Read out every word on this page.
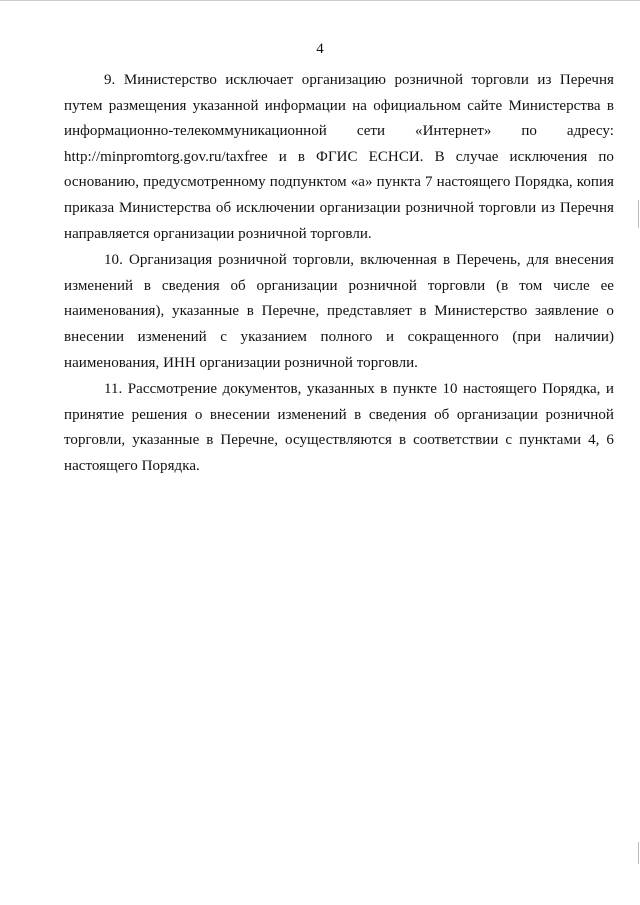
4

9. Министерство исключает организацию розничной торговли из Перечня путем размещения указанной информации на официальном сайте Министерства в информационно-телекоммуникационной сети «Интернет» по адресу: http://minpromtorg.gov.ru/taxfree и в ФГИС ЕСНСИ. В случае исключения по основанию, предусмотренному подпунктом «а» пункта 7 настоящего Порядка, копия приказа Министерства об исключении организации розничной торговли из Перечня направляется организации розничной торговли.

10. Организация розничной торговли, включенная в Перечень, для внесения изменений в сведения об организации розничной торговли (в том числе ее наименования), указанные в Перечне, представляет в Министерство заявление о внесении изменений с указанием полного и сокращенного (при наличии) наименования, ИНН организации розничной торговли.

11. Рассмотрение документов, указанных в пункте 10 настоящего Порядка, и принятие решения о внесении изменений в сведения об организации розничной торговли, указанные в Перечне, осуществляются в соответствии с пунктами 4, 6 настоящего Порядка.
